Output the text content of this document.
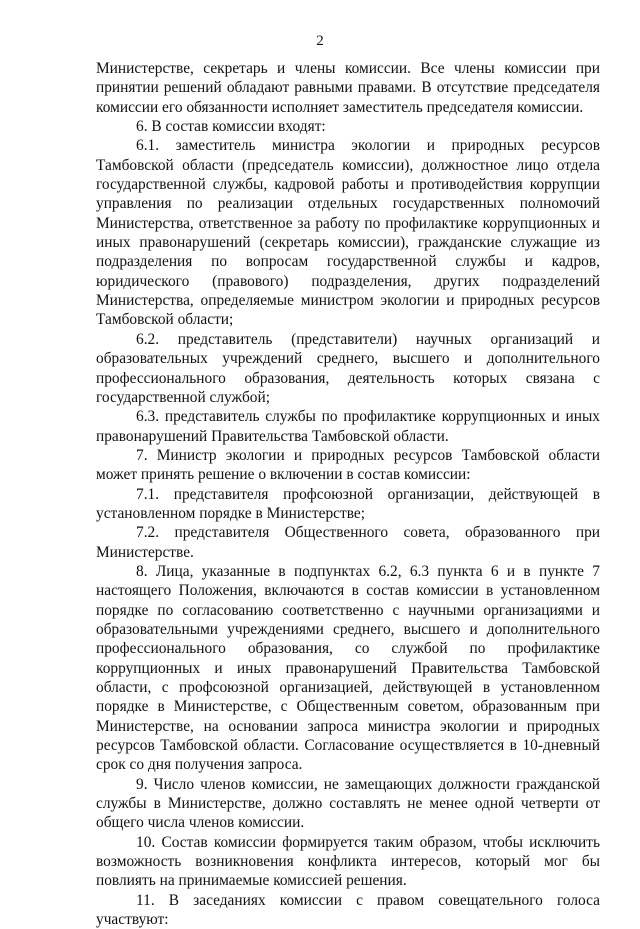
2

Министерстве, секретарь и члены комиссии. Все члены комиссии при принятии решений обладают равными правами. В отсутствие председателя комиссии его обязанности исполняет заместитель председателя комиссии.

6. В состав комиссии входят:

6.1. заместитель министра экологии и природных ресурсов Тамбовской области (председатель комиссии), должностное лицо отдела государственной службы, кадровой работы и противодействия коррупции управления по реализации отдельных государственных полномочий Министерства, ответственное за работу по профилактике коррупционных и иных правонарушений (секретарь комиссии), гражданские служащие из подразделения по вопросам государственной службы и кадров, юридического (правового) подразделения, других подразделений Министерства, определяемые министром экологии и природных ресурсов Тамбовской области;

6.2. представитель (представители) научных организаций и образовательных учреждений среднего, высшего и дополнительного профессионального образования, деятельность которых связана с государственной службой;

6.3. представитель службы по профилактике коррупционных и иных правонарушений Правительства Тамбовской области.

7. Министр экологии и природных ресурсов Тамбовской области может принять решение о включении в состав комиссии:

7.1. представителя профсоюзной организации, действующей в установленном порядке в Министерстве;

7.2. представителя Общественного совета, образованного при Министерстве.

8. Лица, указанные в подпунктах 6.2, 6.3 пункта 6 и в пункте 7 настоящего Положения, включаются в состав комиссии в установленном порядке по согласованию соответственно с научными организациями и образовательными учреждениями среднего, высшего и дополнительного профессионального образования, со службой по профилактике коррупционных и иных правонарушений Правительства Тамбовской области, с профсоюзной организацией, действующей в установленном порядке в Министерстве, с Общественным советом, образованным при Министерстве, на основании запроса министра экологии и природных ресурсов Тамбовской области. Согласование осуществляется в 10-дневный срок со дня получения запроса.

9. Число членов комиссии, не замещающих должности гражданской службы в Министерстве, должно составлять не менее одной четверти от общего числа членов комиссии.

10. Состав комиссии формируется таким образом, чтобы исключить возможность возникновения конфликта интересов, который мог бы повлиять на принимаемые комиссией решения.

11. В заседаниях комиссии с правом совещательного голоса участвуют:
